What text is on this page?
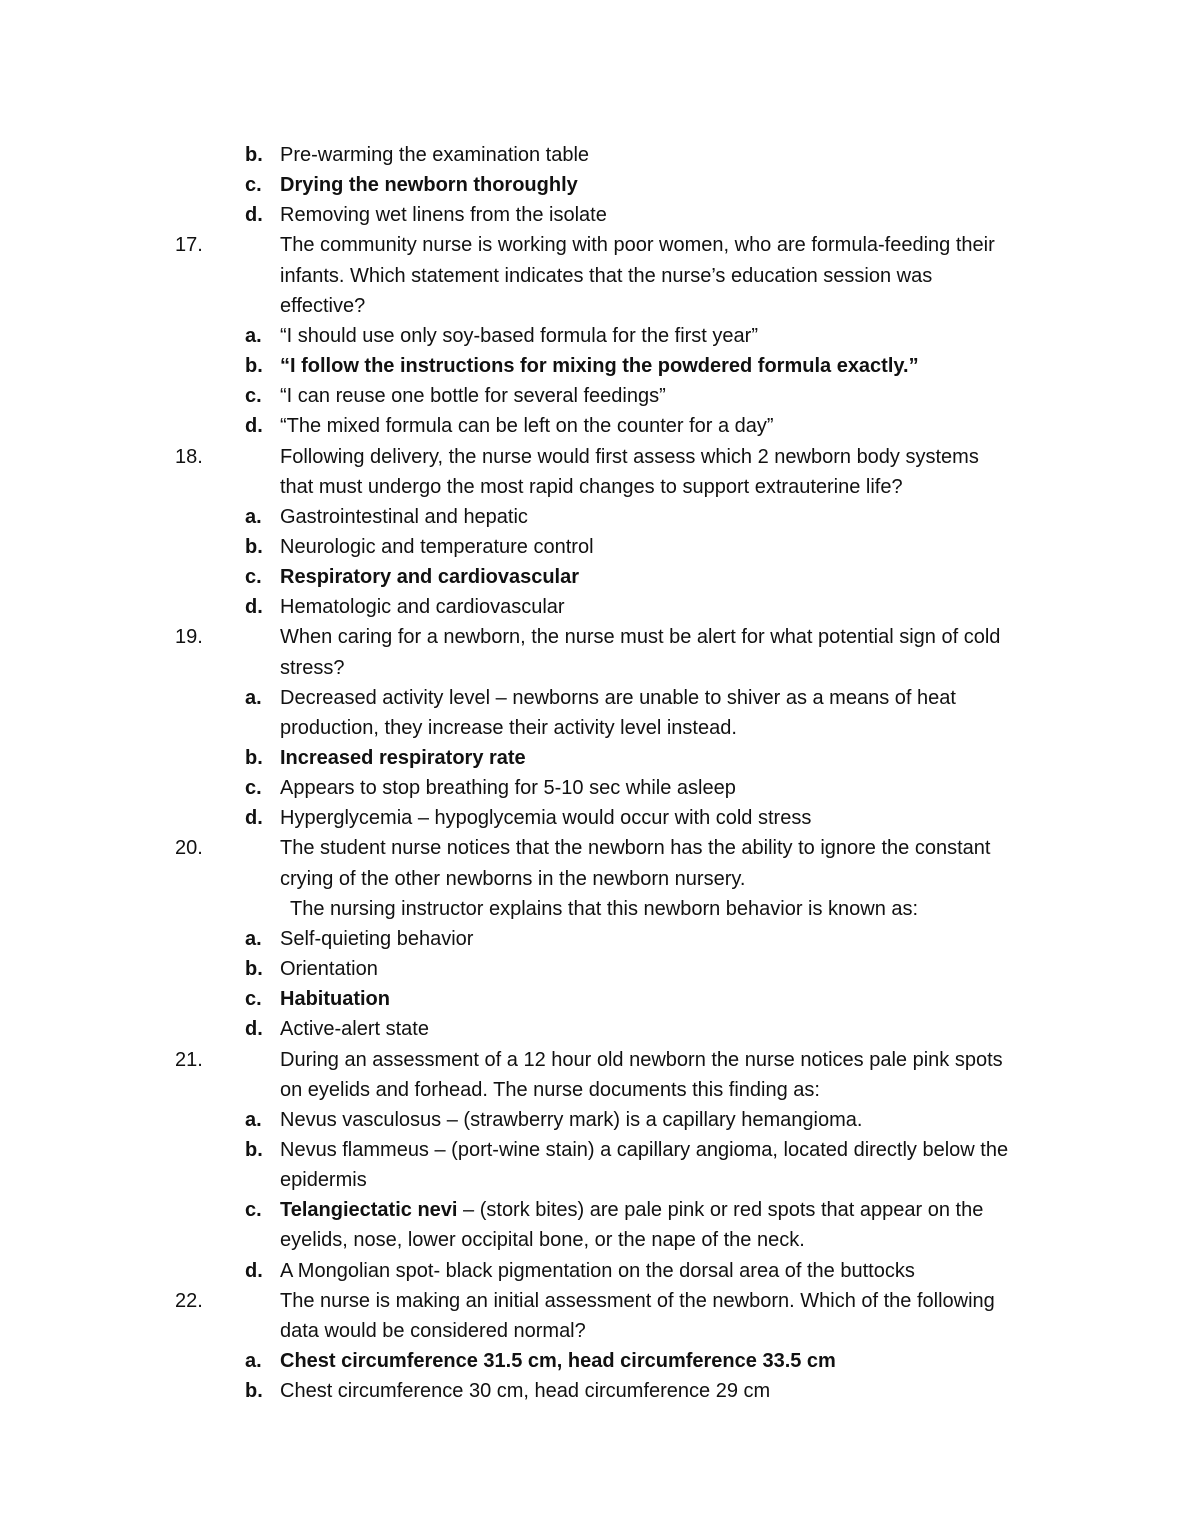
b. Pre-warming the examination table
c. Drying the newborn thoroughly
d. Removing wet linens from the isolate
17.	The community nurse is working with poor women, who are formula-feeding their
infants. Which statement indicates that the nurse’s education session was
effective?
a. “I should use only soy-based formula for the first year”
b. “I follow the instructions for mixing the powdered formula exactly.”
c. “I can reuse one bottle for several feedings”
d. “The mixed formula can be left on the counter for a day”
18.	Following delivery, the nurse would first assess which 2 newborn body systems
that must undergo the most rapid changes to support extrauterine life?
a. Gastrointestinal and hepatic
b. Neurologic and temperature control
c. Respiratory and cardiovascular
d. Hematologic and cardiovascular
19.	When caring for a newborn, the nurse must be alert for what potential sign of cold
stress?
a. Decreased activity level – newborns are unable to shiver as a means of heat
production, they increase their activity level instead.
b. Increased respiratory rate
c. Appears to stop breathing for 5-10 sec while asleep
d. Hyperglycemia – hypoglycemia would occur with cold stress
20.	The student nurse notices that the newborn has the ability to ignore the constant
crying of the other newborns in the newborn nursery.
The nursing instructor explains that this newborn behavior is known as:
a. Self-quieting behavior
b. Orientation
c. Habituation
d. Active-alert state
21.	During an assessment of a 12 hour old newborn the nurse notices pale pink spots
on eyelids and forhead. The nurse documents this finding as:
a. Nevus vasculosus – (strawberry mark) is a capillary hemangioma.
b. Nevus flammeus – (port-wine stain) a capillary angioma, located directly below the
epidermis
c. Telangiectatic nevi – (stork bites) are pale pink or red spots that appear on the
eyelids, nose, lower occipital bone, or the nape of the neck.
d. A Mongolian spot- black pigmentation on the dorsal area of the buttocks
22.	The nurse is making an initial assessment of the newborn. Which of the following
data would be considered normal?
a. Chest circumference 31.5 cm, head circumference 33.5 cm
b. Chest circumference 30 cm, head circumference 29 cm
